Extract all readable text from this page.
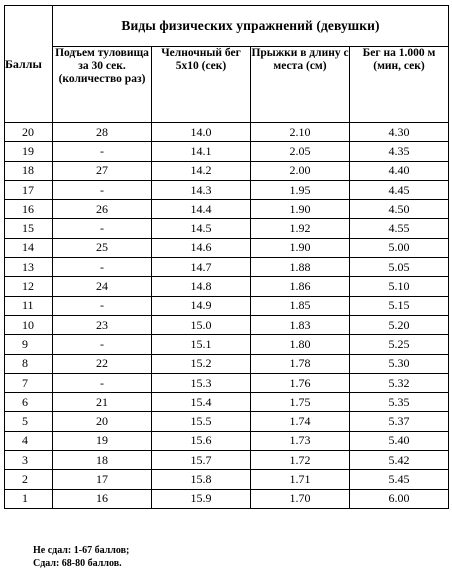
Баллы	Виды физических упражнений (девушки)			
	Подъем туловища за 30 сек. (количество раз)	Челночный бег 5x10 (сек)	Прыжки в длину с места (см)	Бег на 1.000 м (мин, сек)
20	28	14.0	2.10	4.30
19	-	14.1	2.05	4.35
18	27	14.2	2.00	4.40
17	-	14.3	1.95	4.45
16	26	14.4	1.90	4.50
15	-	14.5	1.92	4.55
14	25	14.6	1.90	5.00
13	-	14.7	1.88	5.05
12	24	14.8	1.86	5.10
11	-	14.9	1.85	5.15
10	23	15.0	1.83	5.20
9	-	15.1	1.80	5.25
8	22	15.2	1.78	5.30
7	-	15.3	1.76	5.32
6	21	15.4	1.75	5.35
5	20	15.5	1.74	5.37
4	19	15.6	1.73	5.40
3	18	15.7	1.72	5.42
2	17	15.8	1.71	5.45
1	16	15.9	1.70	6.00
Не сдал: 1-67 баллов;
Сдал: 68-80 баллов.
